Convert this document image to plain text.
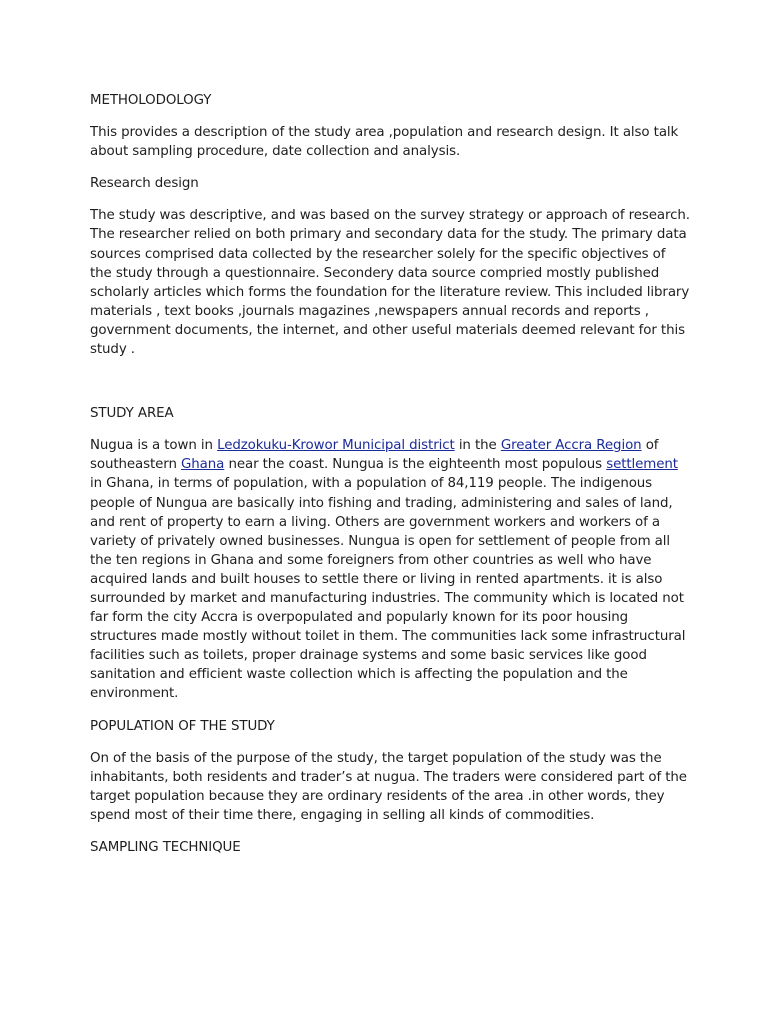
METHOLODOLOGY

This provides a description of the study area ,population and research design. It also talk about sampling procedure, date collection and analysis.

Research design

The study was descriptive, and was based on the survey strategy or approach of research. The researcher relied on both primary and secondary data for the study. The primary data sources comprised data collected by the researcher solely for the specific objectives of the study through a questionnaire. Secondery data source compried mostly published scholarly articles which forms the foundation for the literature review. This included library materials , text books ,journals magazines ,newspapers annual records and reports , government documents, the internet, and other useful materials deemed relevant for this study .

STUDY AREA

Nugua is a town in Ledzokuku-Krowor Municipal district in the Greater Accra Region of southeastern Ghana near the coast. Nungua is the eighteenth most populous settlement in Ghana, in terms of population, with a population of 84,119 people. The indigenous people of Nungua are basically into fishing and trading, administering and sales of land, and rent of property to earn a living. Others are government workers and workers of a variety of privately owned businesses. Nungua is open for settlement of people from all the ten regions in Ghana and some foreigners from other countries as well who have acquired lands and built houses to settle there or living in rented apartments. it is also surrounded by market and manufacturing industries. The community which is located not far form the city Accra is overpopulated and popularly known for its poor housing structures made mostly without toilet in them. The communities lack some infrastructural facilities such as toilets, proper drainage systems and some basic services like good sanitation and efficient waste collection which is affecting the population and the environment.

POPULATION OF THE STUDY

On of the basis of the purpose of the study, the target population of the study was the inhabitants, both residents and trader’s at nugua. The traders were considered part of the target population because they are ordinary residents of the area .in other words, they spend most of their time there, engaging in selling all kinds of commodities.

SAMPLING TECHNIQUE
